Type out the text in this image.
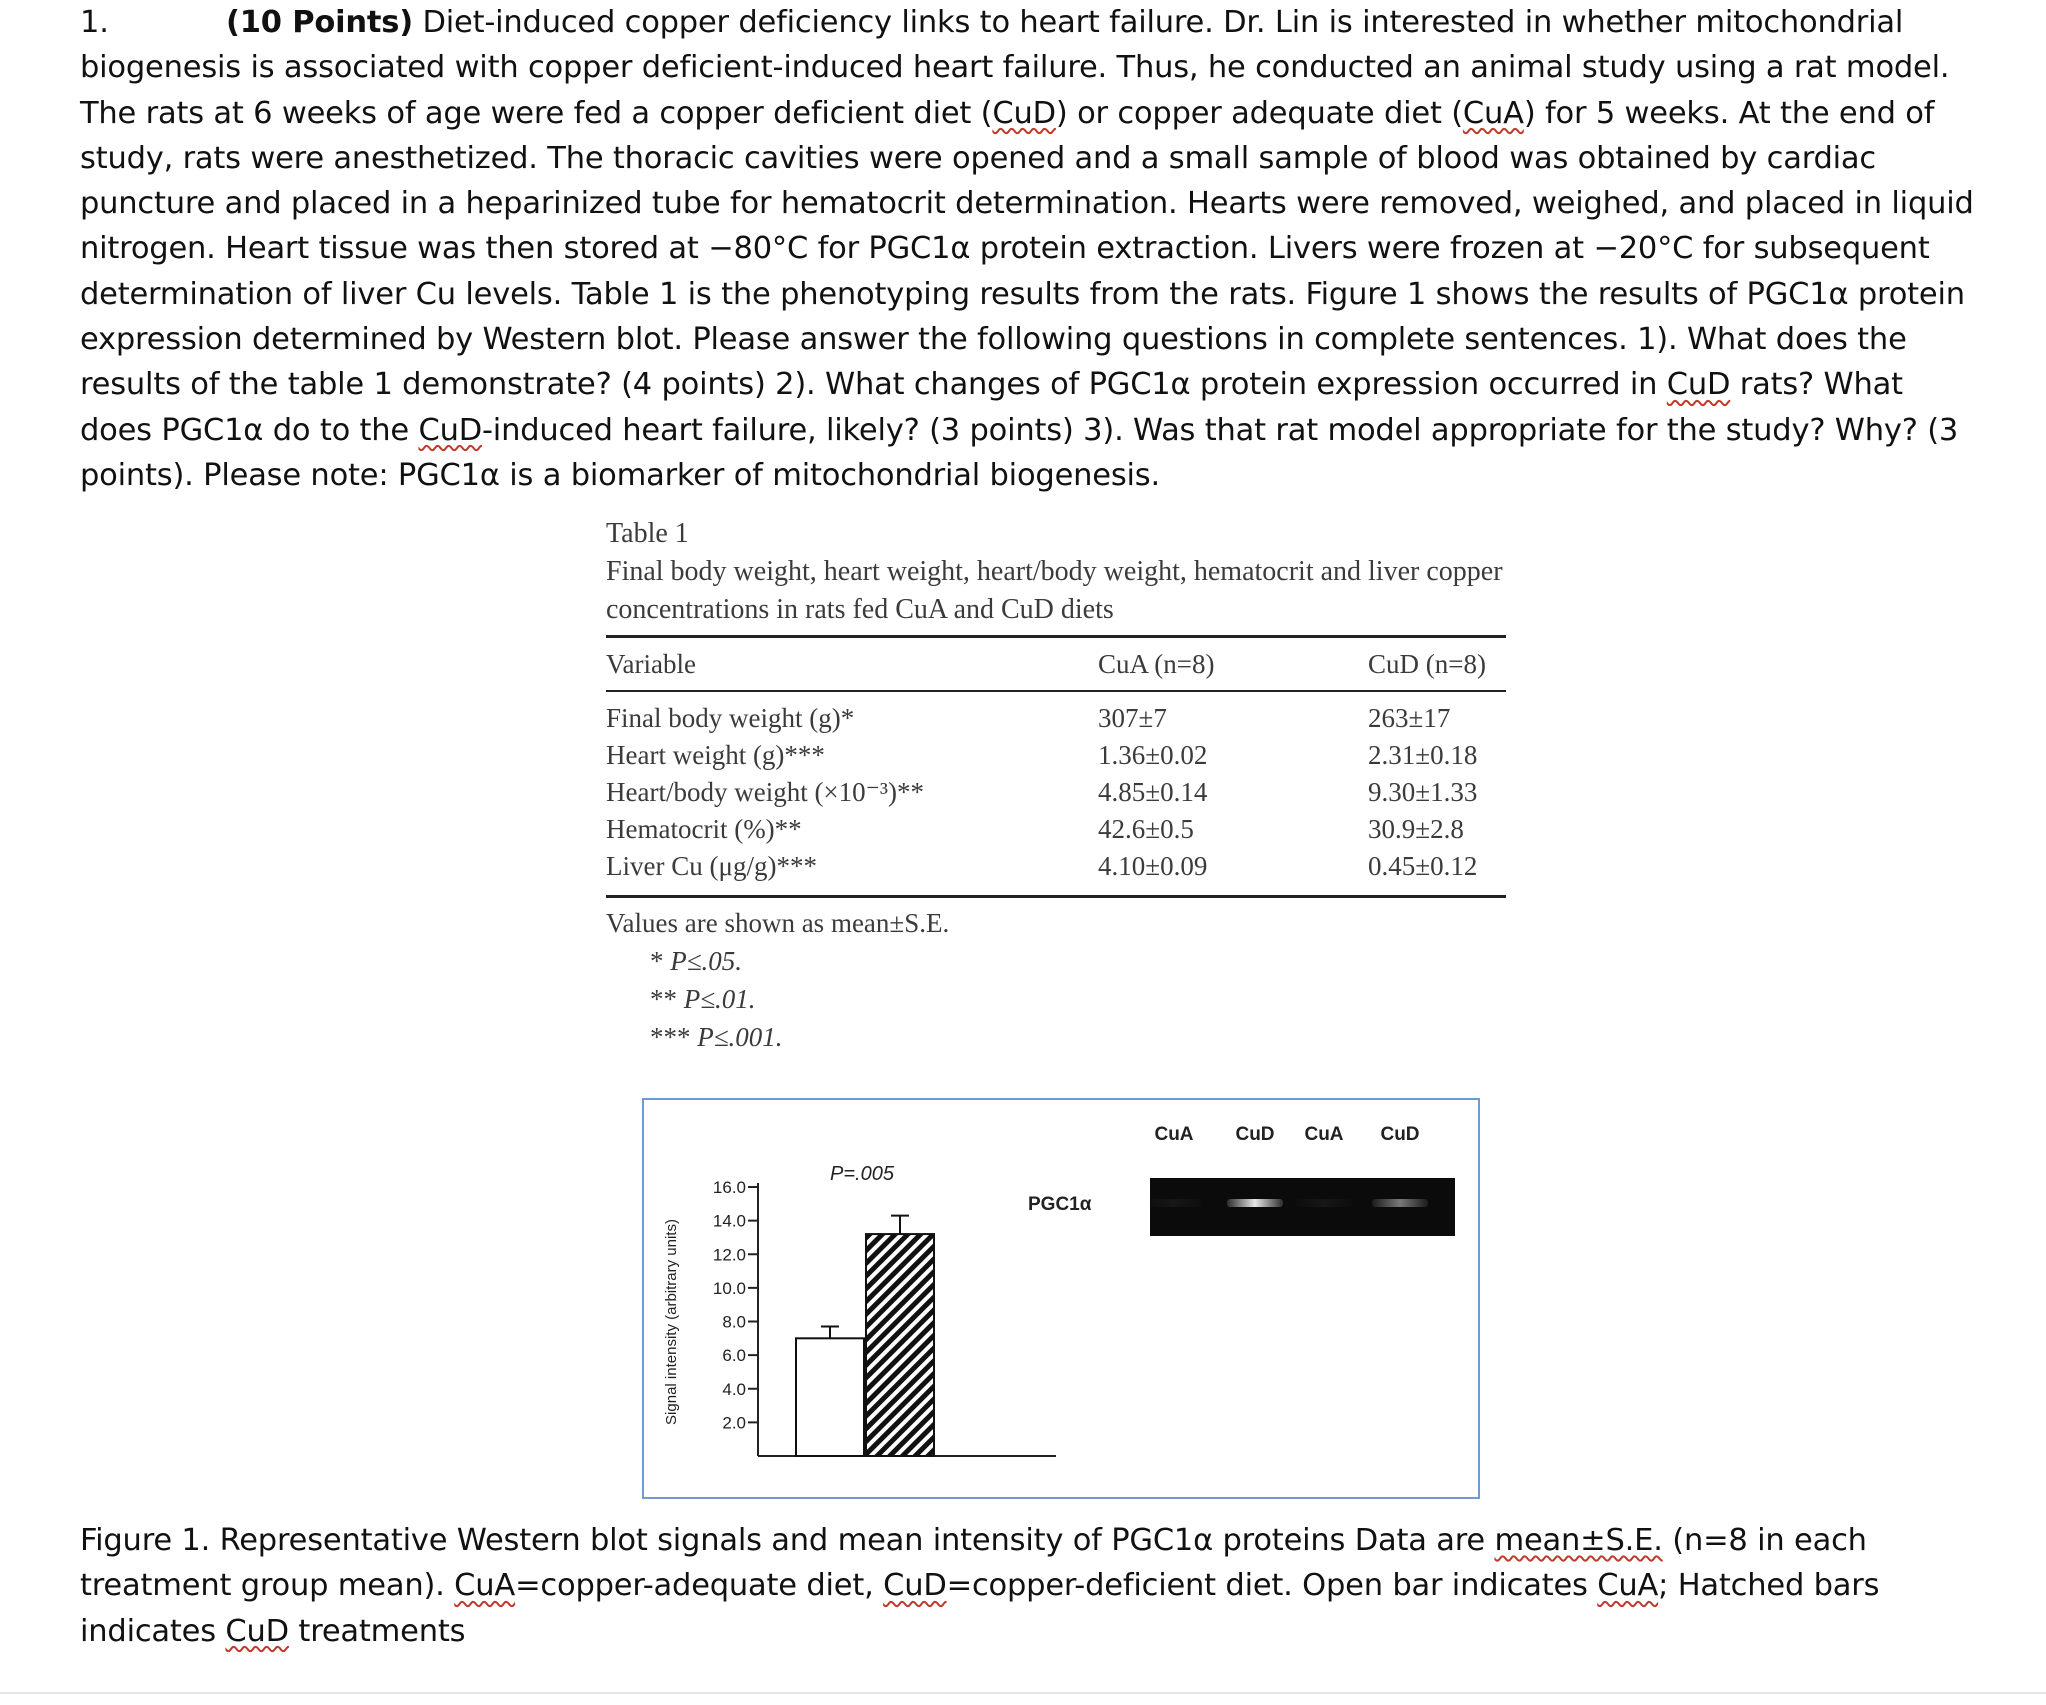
1.	(10 Points) Diet-induced copper deficiency links to heart failure. Dr. Lin is interested in whether mitochondrial biogenesis is associated with copper deficient-induced heart failure. Thus, he conducted an animal study using a rat model. The rats at 6 weeks of age were fed a copper deficient diet (CuD) or copper adequate diet (CuA) for 5 weeks. At the end of study, rats were anesthetized. The thoracic cavities were opened and a small sample of blood was obtained by cardiac puncture and placed in a heparinized tube for hematocrit determination. Hearts were removed, weighed, and placed in liquid nitrogen. Heart tissue was then stored at −80°C for PGC1α protein extraction. Livers were frozen at −20°C for subsequent determination of liver Cu levels. Table 1 is the phenotyping results from the rats. Figure 1 shows the results of PGC1α protein expression determined by Western blot. Please answer the following questions in complete sentences. 1). What does the results of the table 1 demonstrate? (4 points) 2). What changes of PGC1α protein expression occurred in CuD rats? What does PGC1α do to the CuD-induced heart failure, likely? (3 points) 3). Was that rat model appropriate for the study? Why? (3 points). Please note: PGC1α is a biomarker of mitochondrial biogenesis.
Table 1
Final body weight, heart weight, heart/body weight, hematocrit and liver copper concentrations in rats fed CuA and CuD diets
Variable	CuA (n=8)	CuD (n=8)
Final body weight (g)*	307±7	263±17
Heart weight (g)***	1.36±0.02	2.31±0.18
Heart/body weight (×10⁻³)**	4.85±0.14	9.30±1.33
Hematocrit (%)**	42.6±0.5	30.9±2.8
Liver Cu (μg/g)***	4.10±0.09	0.45±0.12
Values are shown as mean±S.E.
* P≤.05.
** P≤.01.
*** P≤.001.
Signal intensity (arbitrary units) 2.0
4.0
6.0
8.0
10.0
12.0
14.0
16.0
P=.005
CuA CuD CuA CuD
PGC1α
Figure 1. Representative Western blot signals and mean intensity of PGC1α proteins Data are mean±S.E. (n=8 in each treatment group mean). CuA=copper-adequate diet, CuD=copper-deficient diet. Open bar indicates CuA; Hatched bars indicates CuD treatments
